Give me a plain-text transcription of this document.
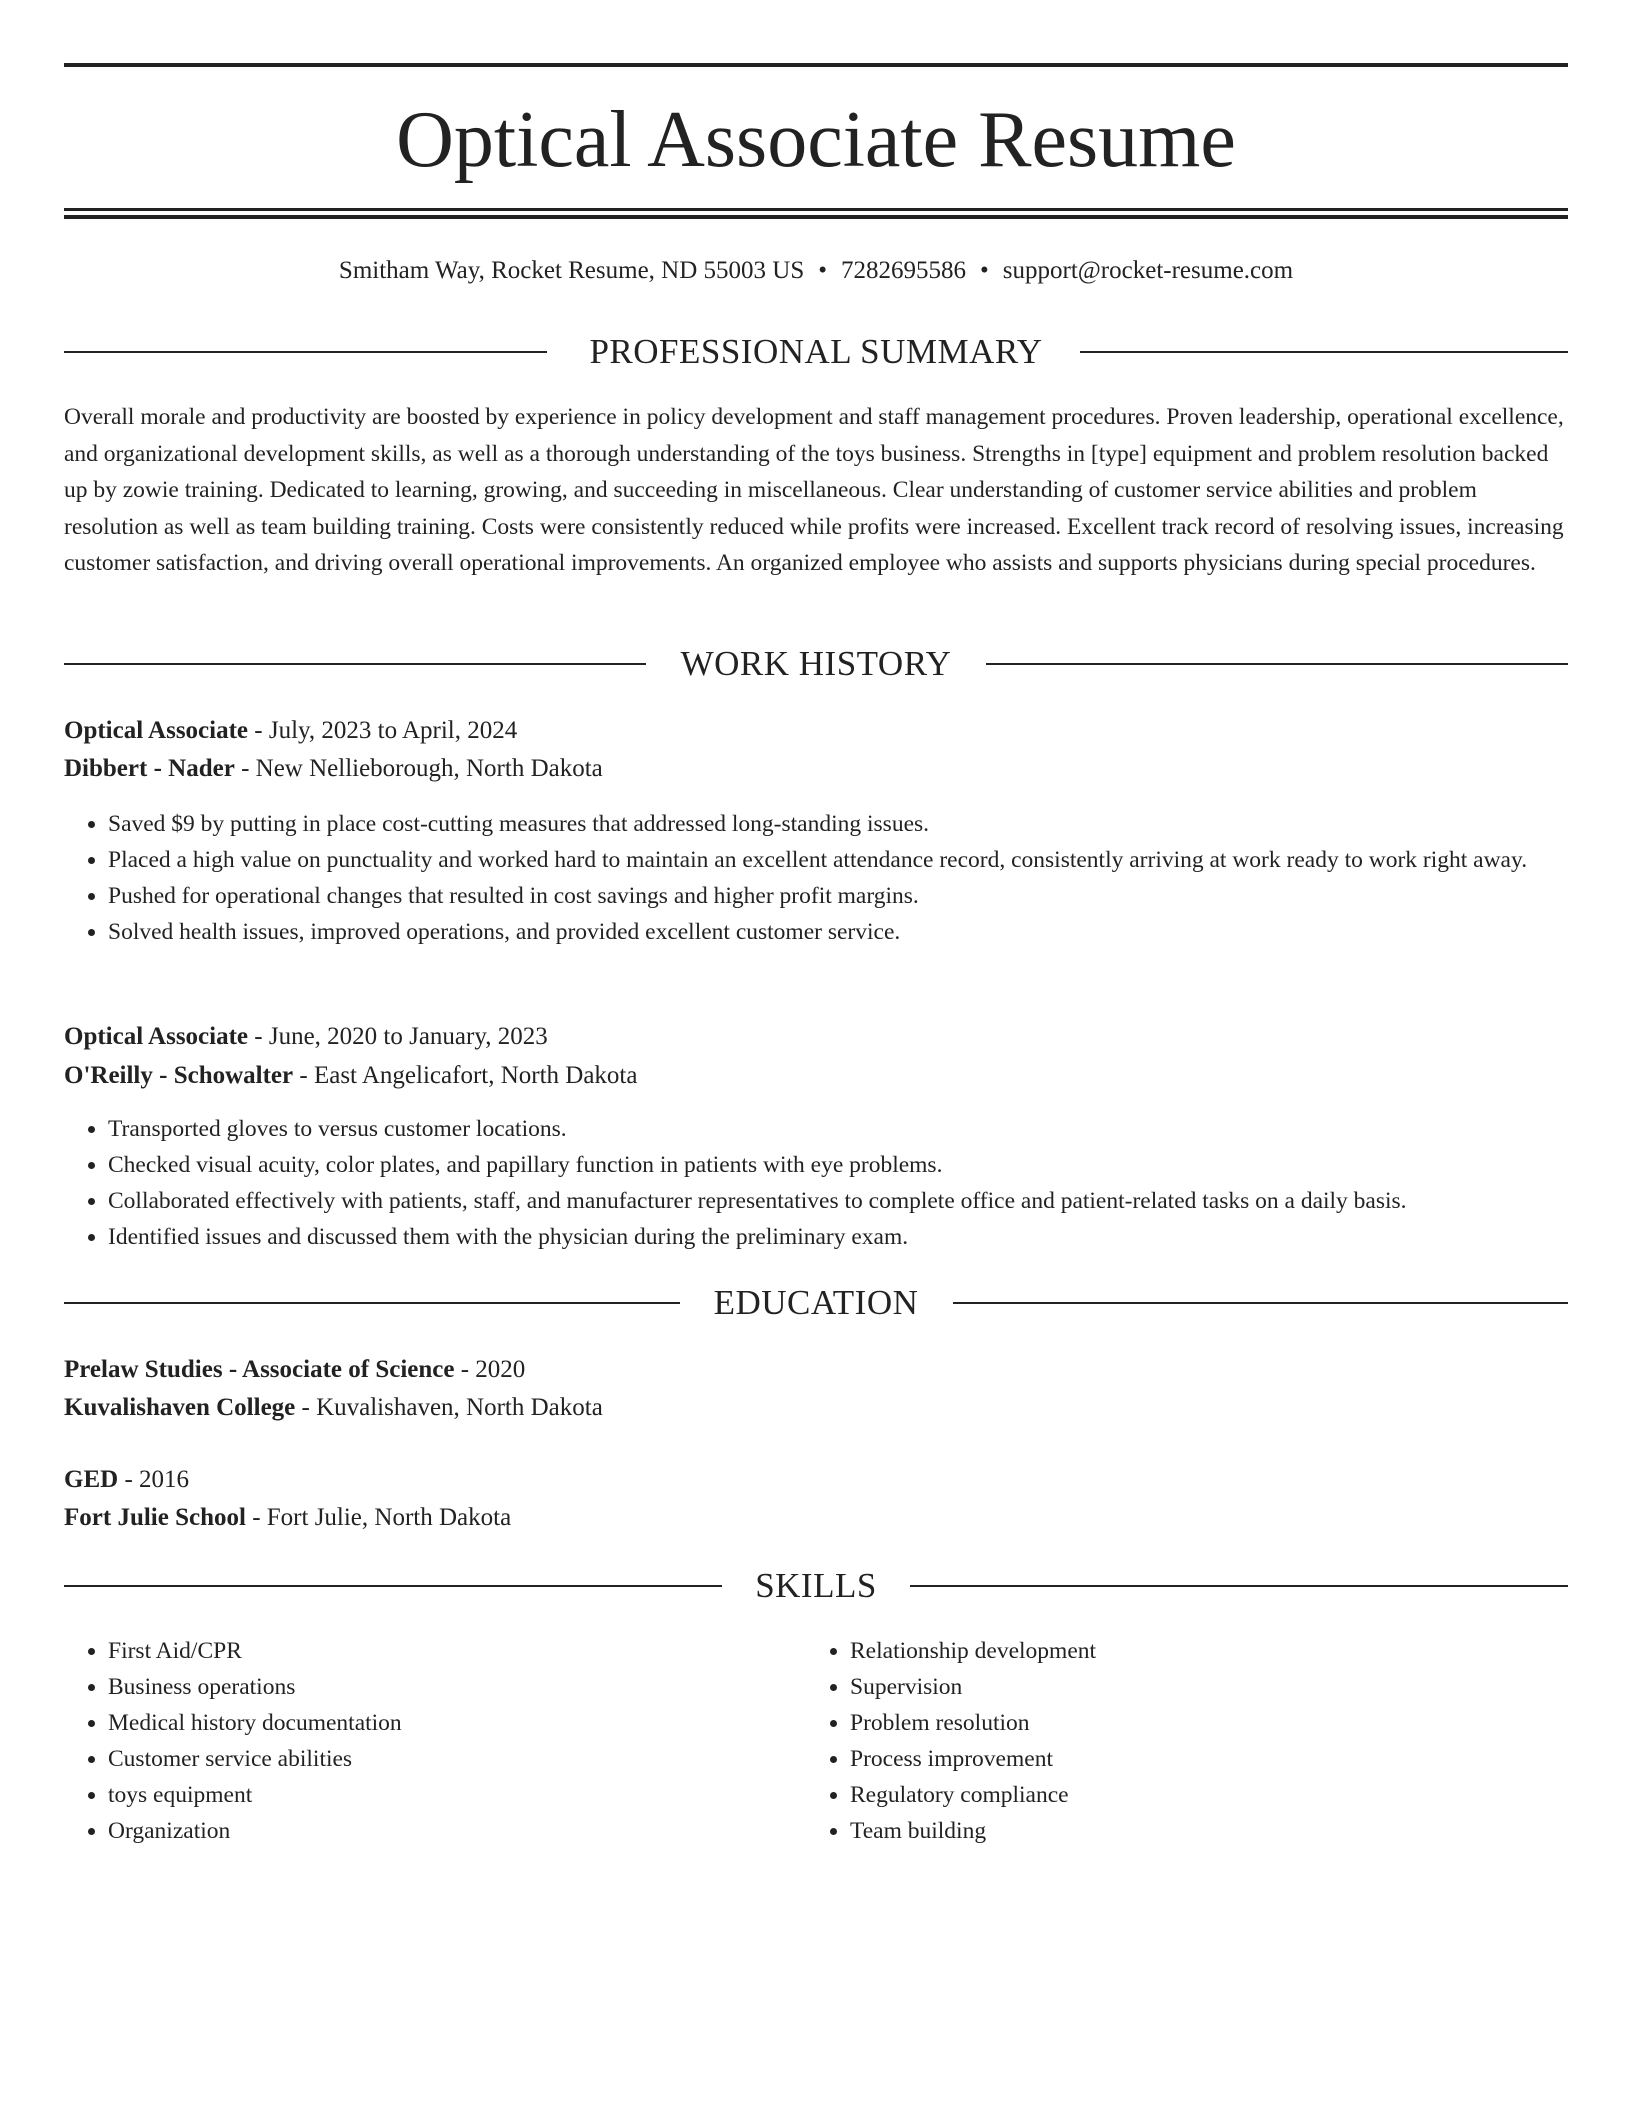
Optical Associate Resume
Smitham Way, Rocket Resume, ND 55003 US • 7282695586 • support@rocket-resume.com
PROFESSIONAL SUMMARY

Overall morale and productivity are boosted by experience in policy development and staff management procedures. Proven leadership, operational excellence, and organizational development skills, as well as a thorough understanding of the toys business. Strengths in [type] equipment and problem resolution backed up by zowie training. Dedicated to learning, growing, and succeeding in miscellaneous. Clear understanding of customer service abilities and problem resolution as well as team building training. Costs were consistently reduced while profits were increased. Excellent track record of resolving issues, increasing customer satisfaction, and driving overall operational improvements. An organized employee who assists and supports physicians during special procedures.

WORK HISTORY
Optical Associate - July, 2023 to April, 2024
Dibbert - Nader - New Nellieborough, North Dakota
• Saved $9 by putting in place cost-cutting measures that addressed long-standing issues.
• Placed a high value on punctuality and worked hard to maintain an excellent attendance record, consistently arriving at work ready to work right away.
• Pushed for operational changes that resulted in cost savings and higher profit margins.
• Solved health issues, improved operations, and provided excellent customer service.
Optical Associate - June, 2020 to January, 2023
O'Reilly - Schowalter - East Angelicafort, North Dakota
• Transported gloves to versus customer locations.
• Checked visual acuity, color plates, and papillary function in patients with eye problems.
• Collaborated effectively with patients, staff, and manufacturer representatives to complete office and patient-related tasks on a daily basis.
• Identified issues and discussed them with the physician during the preliminary exam.
EDUCATION
Prelaw Studies - Associate of Science - 2020
Kuvalishaven College - Kuvalishaven, North Dakota
GED - 2016
Fort Julie School - Fort Julie, North Dakota
SKILLS
• First Aid/CPR
• Business operations
• Medical history documentation
• Customer service abilities
• toys equipment
• Organization
• Relationship development
• Supervision
• Problem resolution
• Process improvement
• Regulatory compliance
• Team building
